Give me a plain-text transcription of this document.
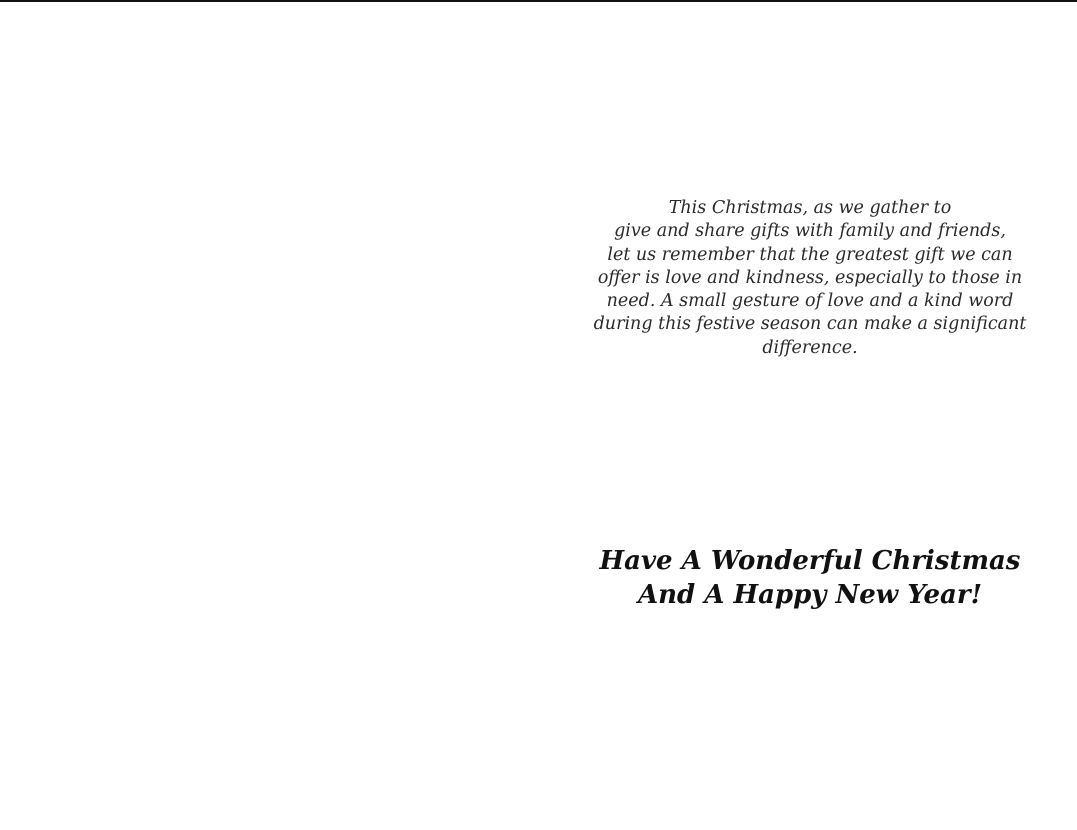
This Christmas, as we gather to
give and share gifts with family and friends,
let us remember that the greatest gift we can
offer is love and kindness, especially to those in
need. A small gesture of love and a kind word
during this festive season can make a significant
difference.

Have A Wonderful Christmas
And A Happy New Year!
